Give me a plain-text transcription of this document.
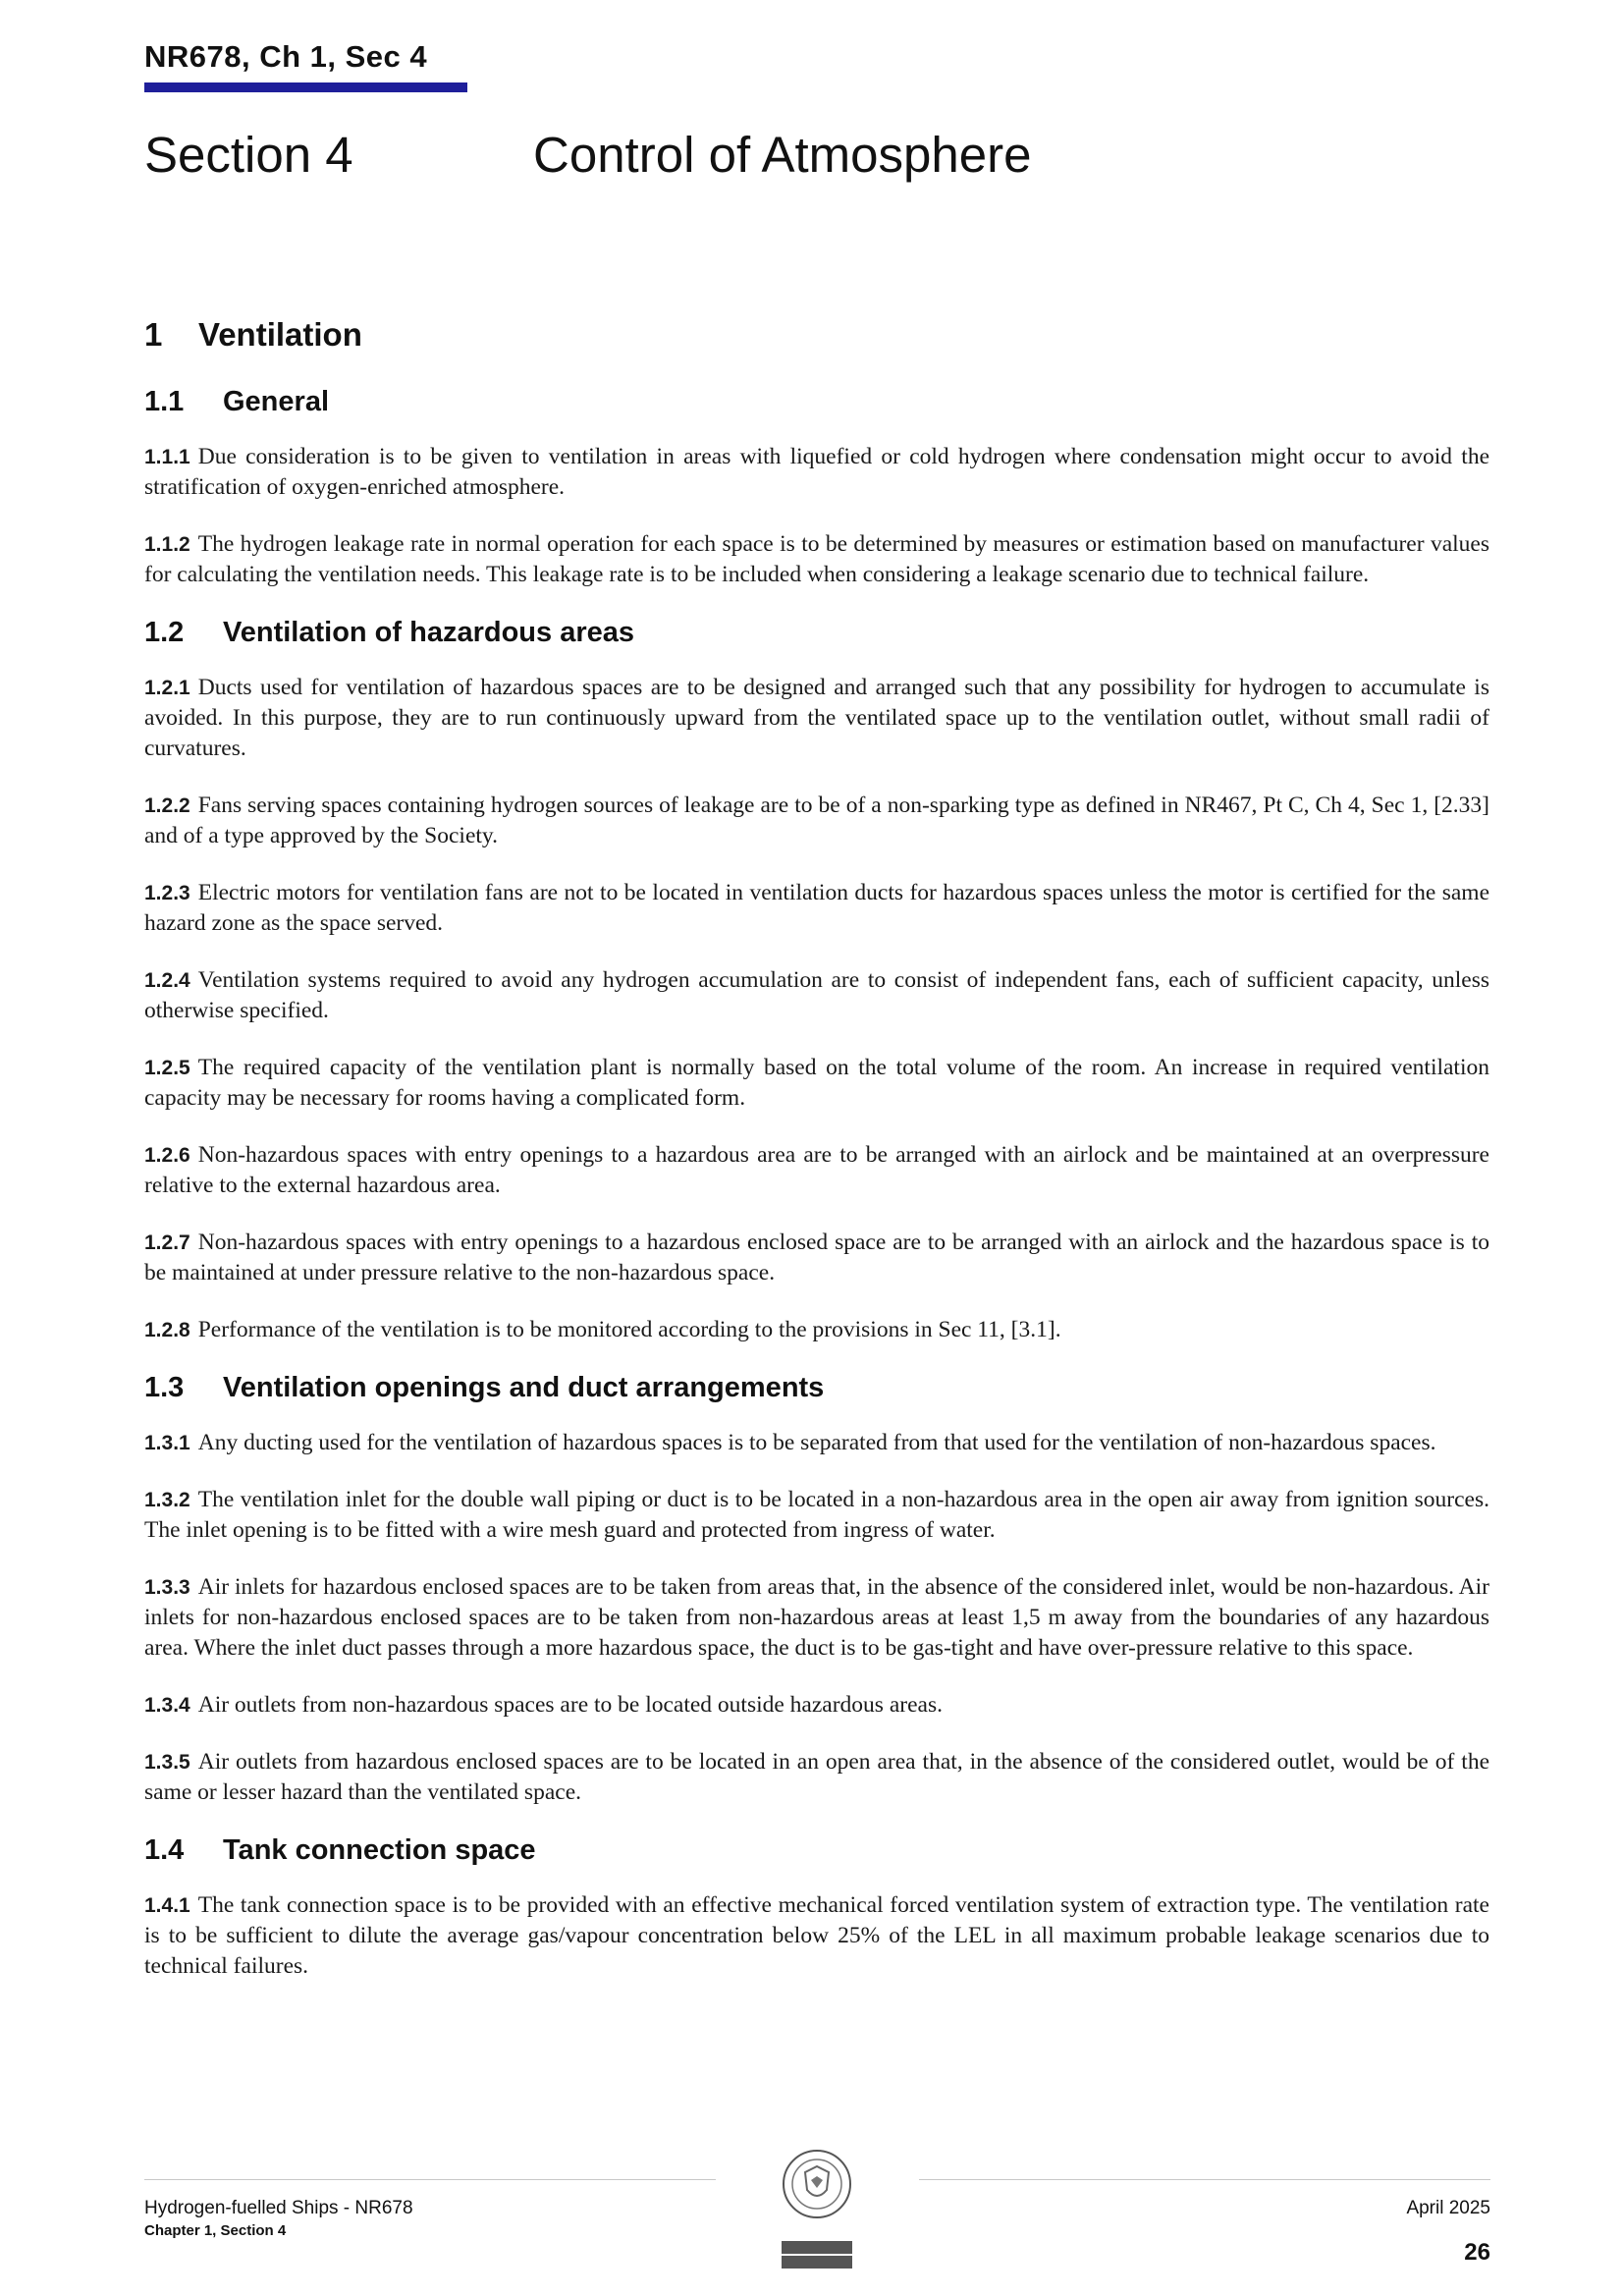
NR678, Ch 1, Sec 4
Section 4	Control of Atmosphere
1 Ventilation
1.1 General

1.1.1 Due consideration is to be given to ventilation in areas with liquefied or cold hydrogen where condensation might occur to avoid the stratification of oxygen-enriched atmosphere.

1.1.2 The hydrogen leakage rate in normal operation for each space is to be determined by measures or estimation based on manufacturer values for calculating the ventilation needs. This leakage rate is to be included when considering a leakage scenario due to technical failure.

1.2 Ventilation of hazardous areas

1.2.1 Ducts used for ventilation of hazardous spaces are to be designed and arranged such that any possibility for hydrogen to accumulate is avoided. In this purpose, they are to run continuously upward from the ventilated space up to the ventilation outlet, without small radii of curvatures.

1.2.2 Fans serving spaces containing hydrogen sources of leakage are to be of a non-sparking type as defined in NR467, Pt C, Ch 4, Sec 1, [2.33] and of a type approved by the Society.

1.2.3 Electric motors for ventilation fans are not to be located in ventilation ducts for hazardous spaces unless the motor is certified for the same hazard zone as the space served.

1.2.4 Ventilation systems required to avoid any hydrogen accumulation are to consist of independent fans, each of sufficient capacity, unless otherwise specified.

1.2.5 The required capacity of the ventilation plant is normally based on the total volume of the room. An increase in required ventilation capacity may be necessary for rooms having a complicated form.

1.2.6 Non-hazardous spaces with entry openings to a hazardous area are to be arranged with an airlock and be maintained at an overpressure relative to the external hazardous area.

1.2.7 Non-hazardous spaces with entry openings to a hazardous enclosed space are to be arranged with an airlock and the hazardous space is to be maintained at under pressure relative to the non-hazardous space.

1.2.8 Performance of the ventilation is to be monitored according to the provisions in Sec 11, [3.1].

1.3 Ventilation openings and duct arrangements

1.3.1 Any ducting used for the ventilation of hazardous spaces is to be separated from that used for the ventilation of non-hazardous spaces.

1.3.2 The ventilation inlet for the double wall piping or duct is to be located in a non-hazardous area in the open air away from ignition sources. The inlet opening is to be fitted with a wire mesh guard and protected from ingress of water.

1.3.3 Air inlets for hazardous enclosed spaces are to be taken from areas that, in the absence of the considered inlet, would be non-hazardous. Air inlets for non-hazardous enclosed spaces are to be taken from non-hazardous areas at least 1,5 m away from the boundaries of any hazardous area. Where the inlet duct passes through a more hazardous space, the duct is to be gas-tight and have over-pressure relative to this space.

1.3.4 Air outlets from non-hazardous spaces are to be located outside hazardous areas.

1.3.5 Air outlets from hazardous enclosed spaces are to be located in an open area that, in the absence of the considered outlet, would be of the same or lesser hazard than the ventilated space.

1.4 Tank connection space

1.4.1 The tank connection space is to be provided with an effective mechanical forced ventilation system of extraction type. The ventilation rate is to be sufficient to dilute the average gas/vapour concentration below 25% of the LEL in all maximum probable leakage scenarios due to technical failures.

Hydrogen-fuelled Ships - NR678
Chapter 1, Section 4
April 2025
26
